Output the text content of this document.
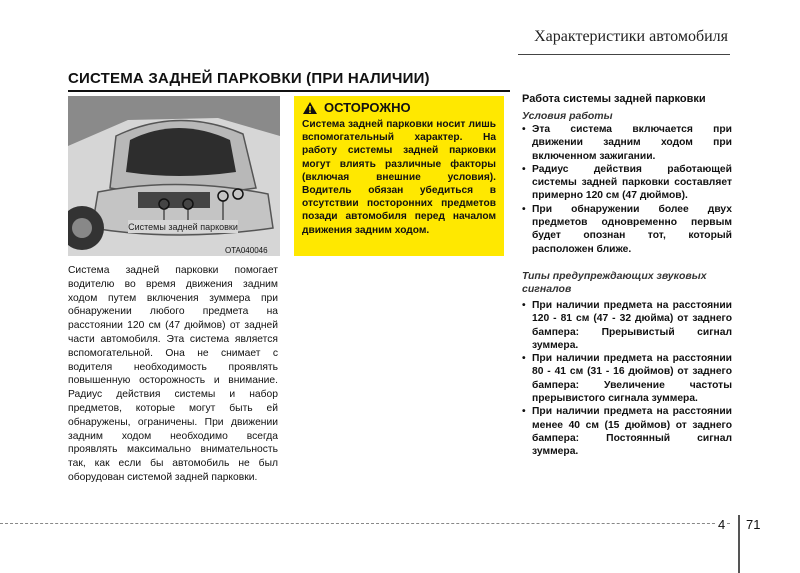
Характеристики автомобиля
СИСТЕМА ЗАДНЕЙ ПАРКОВКИ (ПРИ НАЛИЧИИ)
Системы задней парковки
OTA040046
ОСТОРОЖНО
Система задней парковки носит лишь вспомогательный характер. На работу системы задней парковки могут влиять различные факторы (включая внешние условия). Водитель обязан убедиться в отсутствии посторонних предметов позади автомобиля перед началом движения задним ходом.
Система задней парковки помогает водителю во время движения задним ходом путем включения зуммера при обнаружении любого предмета на расстоянии 120 см (47 дюймов) от задней части автомобиля. Эта система является вспомогательной. Она не снимает с водителя необходимость проявлять повышенную осторожность и внимание. Радиус действия системы и набор предметов, которые могут быть ей обнаружены, ограничены. При движении задним ходом необходимо всегда проявлять максимально внимательность так, как если бы автомобиль не был оборудован системой задней парковки.
Работа системы задней парковки
Условия работы
• Эта система включается при движении задним ходом при включенном зажигании.
• Радиус действия работающей системы задней парковки составляет примерно 120 см (47 дюймов).
• При обнаружении более двух предметов одновременно первым будет опознан тот, который расположен ближе.
Типы предупреждающих звуковых сигналов
• При наличии предмета на расстоянии 120 - 81 см (47 - 32 дюйма) от заднего бампера: Прерывистый сигнал зуммера.
• При наличии предмета на расстоянии 80 - 41 см (31 - 16 дюймов) от заднего бампера: Увеличение частоты прерывистого сигнала зуммера.
• При наличии предмета на расстоянии менее 40 см (15 дюймов) от заднего бампера: Постоянный сигнал зуммера.
4 71
